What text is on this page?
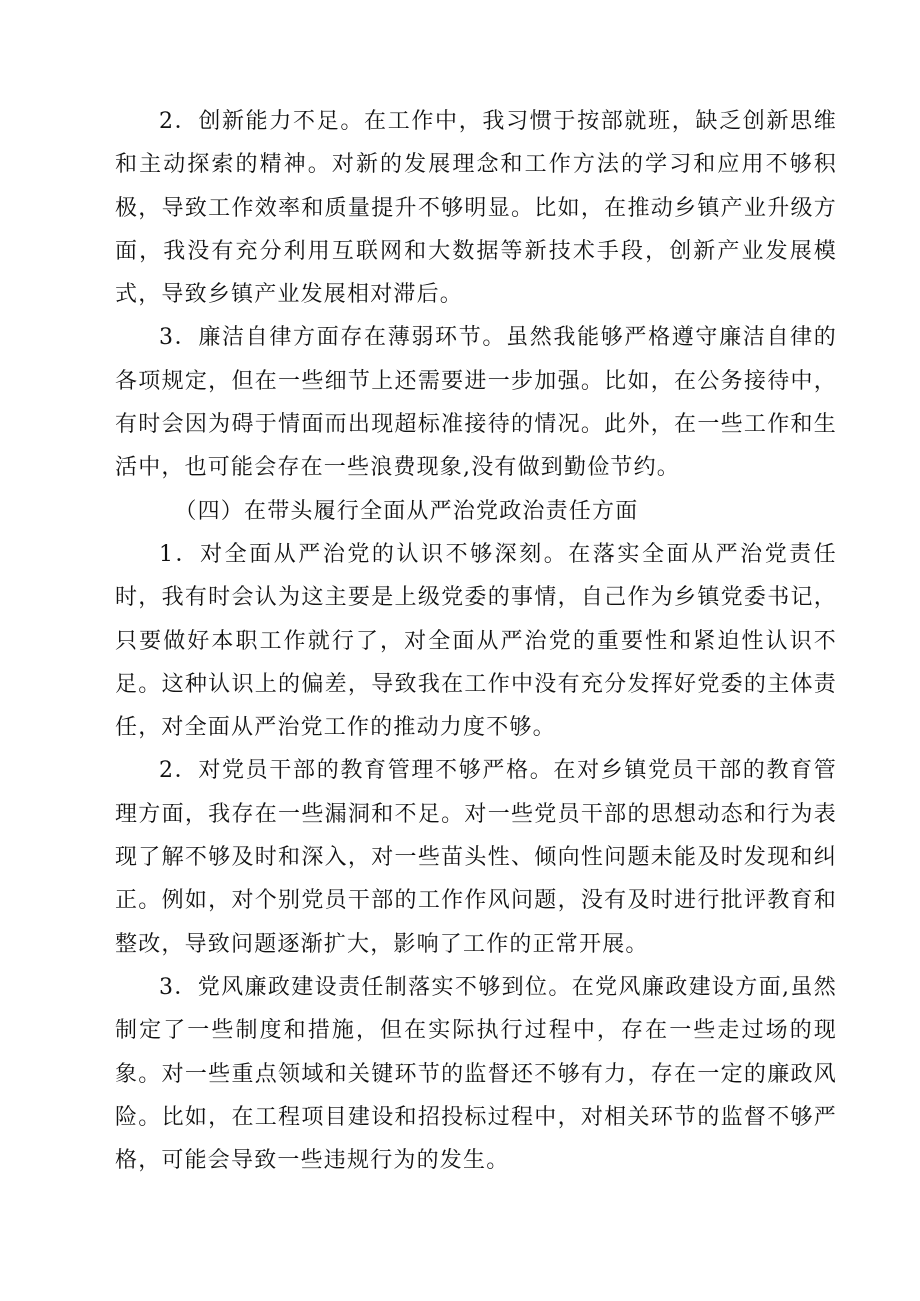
2．创新能力不足。在工作中，我习惯于按部就班，缺乏创新思维和主动探索的精神。对新的发展理念和工作方法的学习和应用不够积极，导致工作效率和质量提升不够明显。比如，在推动乡镇产业升级方面，我没有充分利用互联网和大数据等新技术手段，创新产业发展模式，导致乡镇产业发展相对滞后。

3．廉洁自律方面存在薄弱环节。虽然我能够严格遵守廉洁自律的各项规定，但在一些细节上还需要进一步加强。比如，在公务接待中，有时会因为碍于情面而出现超标准接待的情况。此外，在一些工作和生活中，也可能会存在一些浪费现象,没有做到勤俭节约。

（四）在带头履行全面从严治党政治责任方面

1．对全面从严治党的认识不够深刻。在落实全面从严治党责任时，我有时会认为这主要是上级党委的事情，自己作为乡镇党委书记，只要做好本职工作就行了，对全面从严治党的重要性和紧迫性认识不足。这种认识上的偏差，导致我在工作中没有充分发挥好党委的主体责任，对全面从严治党工作的推动力度不够。

2．对党员干部的教育管理不够严格。在对乡镇党员干部的教育管理方面，我存在一些漏洞和不足。对一些党员干部的思想动态和行为表现了解不够及时和深入，对一些苗头性、倾向性问题未能及时发现和纠正。例如，对个别党员干部的工作作风问题，没有及时进行批评教育和整改，导致问题逐渐扩大，影响了工作的正常开展。

3．党风廉政建设责任制落实不够到位。在党风廉政建设方面,虽然制定了一些制度和措施，但在实际执行过程中，存在一些走过场的现象。对一些重点领域和关键环节的监督还不够有力，存在一定的廉政风险。比如，在工程项目建设和招投标过程中，对相关环节的监督不够严格，可能会导致一些违规行为的发生。
